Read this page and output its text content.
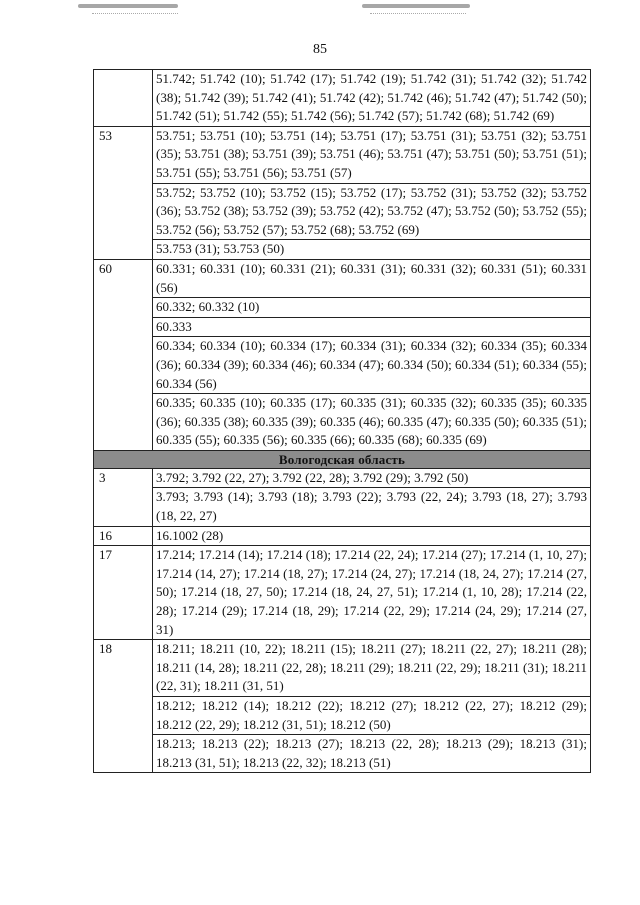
85
	51.742; 51.742 (10); 51.742 (17); 51.742 (19); 51.742 (31); 51.742 (32); 51.742 (38); 51.742 (39); 51.742 (41); 51.742 (42); 51.742 (46); 51.742 (47); 51.742 (50); 51.742 (51); 51.742 (55); 51.742 (56); 51.742 (57); 51.742 (68); 51.742 (69)
53	53.751; 53.751 (10); 53.751 (14); 53.751 (17); 53.751 (31); 53.751 (32); 53.751 (35); 53.751 (38); 53.751 (39); 53.751 (46); 53.751 (47); 53.751 (50); 53.751 (51); 53.751 (55); 53.751 (56); 53.751 (57)
	53.752; 53.752 (10); 53.752 (15); 53.752 (17); 53.752 (31); 53.752 (32); 53.752 (36); 53.752 (38); 53.752 (39); 53.752 (42); 53.752 (47); 53.752 (50); 53.752 (55); 53.752 (56); 53.752 (57); 53.752 (68); 53.752 (69)
	53.753 (31); 53.753 (50)
60	60.331; 60.331 (10); 60.331 (21); 60.331 (31); 60.331 (32); 60.331 (51); 60.331 (56)
	60.332; 60.332 (10)
	60.333
	60.334; 60.334 (10); 60.334 (17); 60.334 (31); 60.334 (32); 60.334 (35); 60.334 (36); 60.334 (39); 60.334 (46); 60.334 (47); 60.334 (50); 60.334 (51); 60.334 (55); 60.334 (56)
	60.335; 60.335 (10); 60.335 (17); 60.335 (31); 60.335 (32); 60.335 (35); 60.335 (36); 60.335 (38); 60.335 (39); 60.335 (46); 60.335 (47); 60.335 (50); 60.335 (51); 60.335 (55); 60.335 (56); 60.335 (66); 60.335 (68); 60.335 (69)
Вологодская область	
3	3.792; 3.792 (22, 27); 3.792 (22, 28); 3.792 (29); 3.792 (50)
	3.793; 3.793 (14); 3.793 (18); 3.793 (22); 3.793 (22, 24); 3.793 (18, 27); 3.793 (18, 22, 27)
16	16.1002 (28)
17	17.214; 17.214 (14); 17.214 (18); 17.214 (22, 24); 17.214 (27); 17.214 (1, 10, 27); 17.214 (14, 27); 17.214 (18, 27); 17.214 (24, 27); 17.214 (18, 24, 27); 17.214 (27, 50); 17.214 (18, 27, 50); 17.214 (18, 24, 27, 51); 17.214 (1, 10, 28); 17.214 (22, 28); 17.214 (29); 17.214 (18, 29); 17.214 (22, 29); 17.214 (24, 29); 17.214 (27, 31)
18	18.211; 18.211 (10, 22); 18.211 (15); 18.211 (27); 18.211 (22, 27); 18.211 (28); 18.211 (14, 28); 18.211 (22, 28); 18.211 (29); 18.211 (22, 29); 18.211 (31); 18.211 (22, 31); 18.211 (31, 51)
	18.212; 18.212 (14); 18.212 (22); 18.212 (27); 18.212 (22, 27); 18.212 (29); 18.212 (22, 29); 18.212 (31, 51); 18.212 (50)
	18.213; 18.213 (22); 18.213 (27); 18.213 (22, 28); 18.213 (29); 18.213 (31); 18.213 (31, 51); 18.213 (22, 32); 18.213 (51)
